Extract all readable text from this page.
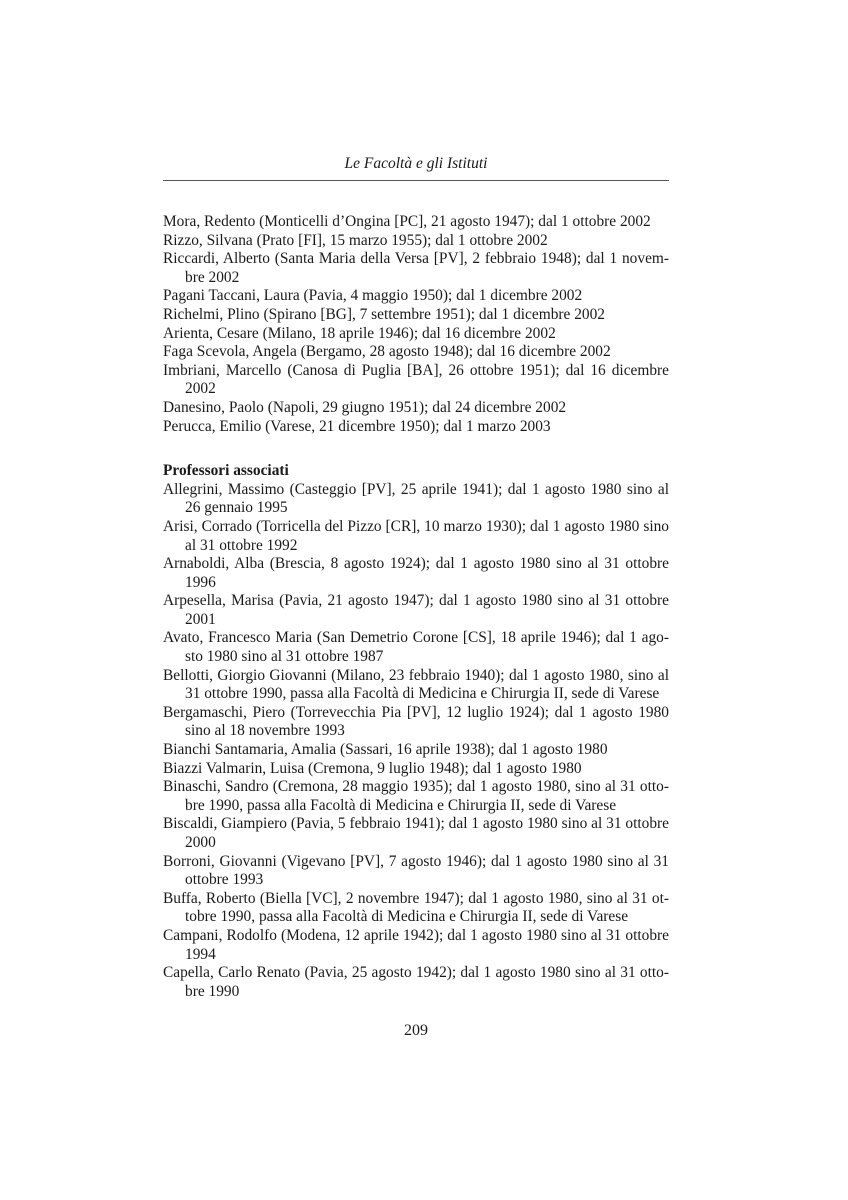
Le Facoltà e gli Istituti

Mora, Redento (Monticelli d’Ongina [PC], 21 agosto 1947); dal 1 ottobre 2002

Rizzo, Silvana (Prato [FI], 15 marzo 1955); dal 1 ottobre 2002

Riccardi, Alberto (Santa Maria della Versa [PV], 2 febbraio 1948); dal 1 novem-bre 2002

Pagani Taccani, Laura (Pavia, 4 maggio 1950); dal 1 dicembre 2002

Richelmi, Plino (Spirano [BG], 7 settembre 1951); dal 1 dicembre 2002

Arienta, Cesare (Milano, 18 aprile 1946); dal 16 dicembre 2002

Faga Scevola, Angela (Bergamo, 28 agosto 1948); dal 16 dicembre 2002

Imbriani, Marcello (Canosa di Puglia [BA], 26 ottobre 1951); dal 16 dicembre 2002

Danesino, Paolo (Napoli, 29 giugno 1951); dal 24 dicembre 2002

Perucca, Emilio (Varese, 21 dicembre 1950); dal 1 marzo 2003

Professori associati

Allegrini, Massimo (Casteggio [PV], 25 aprile 1941); dal 1 agosto 1980 sino al 26 gennaio 1995

Arisi, Corrado (Torricella del Pizzo [CR], 10 marzo 1930); dal 1 agosto 1980 sino al 31 ottobre 1992

Arnaboldi, Alba (Brescia, 8 agosto 1924); dal 1 agosto 1980 sino al 31 ottobre 1996

Arpesella, Marisa (Pavia, 21 agosto 1947); dal 1 agosto 1980 sino al 31 ottobre 2001

Avato, Francesco Maria (San Demetrio Corone [CS], 18 aprile 1946); dal 1 ago-sto 1980 sino al 31 ottobre 1987

Bellotti, Giorgio Giovanni (Milano, 23 febbraio 1940); dal 1 agosto 1980, sino al 31 ottobre 1990, passa alla Facoltà di Medicina e Chirurgia II, sede di Varese

Bergamaschi, Piero (Torrevecchia Pia [PV], 12 luglio 1924); dal 1 agosto 1980 sino al 18 novembre 1993

Bianchi Santamaria, Amalia (Sassari, 16 aprile 1938); dal 1 agosto 1980

Biazzi Valmarin, Luisa (Cremona, 9 luglio 1948); dal 1 agosto 1980

Binaschi, Sandro (Cremona, 28 maggio 1935); dal 1 agosto 1980, sino al 31 otto-bre 1990, passa alla Facoltà di Medicina e Chirurgia II, sede di Varese

Biscaldi, Giampiero (Pavia, 5 febbraio 1941); dal 1 agosto 1980 sino al 31 ottobre 2000

Borroni, Giovanni (Vigevano [PV], 7 agosto 1946); dal 1 agosto 1980 sino al 31 ottobre 1993

Buffa, Roberto (Biella [VC], 2 novembre 1947); dal 1 agosto 1980, sino al 31 ot-tobre 1990, passa alla Facoltà di Medicina e Chirurgia II, sede di Varese

Campani, Rodolfo (Modena, 12 aprile 1942); dal 1 agosto 1980 sino al 31 ottobre 1994

Capella, Carlo Renato (Pavia, 25 agosto 1942); dal 1 agosto 1980 sino al 31 otto-bre 1990

209
